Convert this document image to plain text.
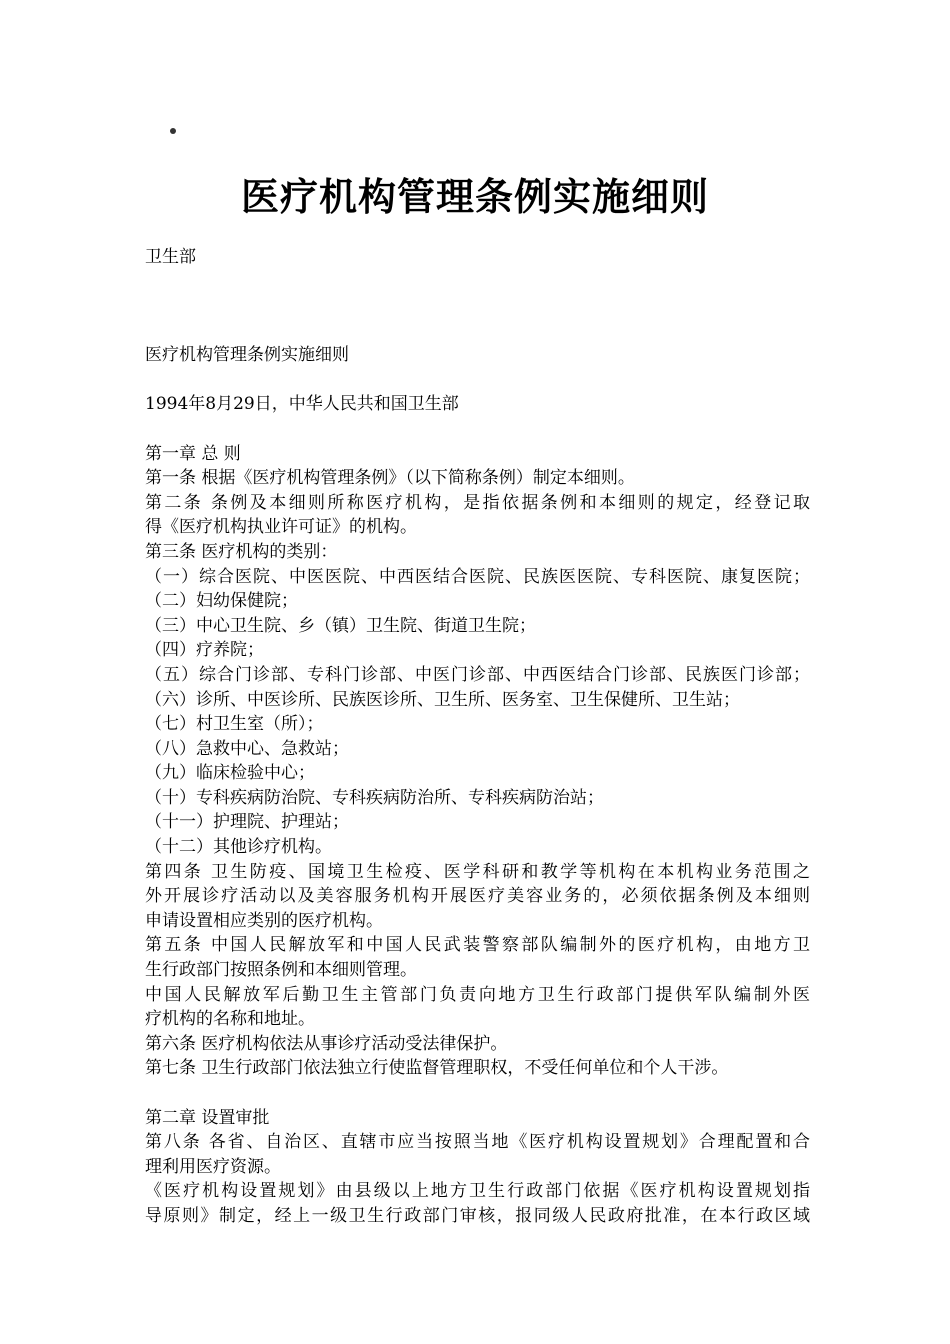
医疗机构管理条例实施细则
卫生部
医疗机构管理条例实施细则
1994年8月29日，中华人民共和国卫生部
第一章 总 则
第一条 根据《医疗机构管理条例》（以下简称条例）制定本细则。
第二条 条例及本细则所称医疗机构，是指依据条例和本细则的规定，经登记取
得《医疗机构执业许可证》的机构。
第三条 医疗机构的类别：
（一）综合医院、中医医院、中西医结合医院、民族医医院、专科医院、康复医院；
（二）妇幼保健院；
（三）中心卫生院、乡（镇）卫生院、街道卫生院；
（四）疗养院；
（五）综合门诊部、专科门诊部、中医门诊部、中西医结合门诊部、民族医门诊部；
（六）诊所、中医诊所、民族医诊所、卫生所、医务室、卫生保健所、卫生站；
（七）村卫生室（所）；
（八）急救中心、急救站；
（九）临床检验中心；
（十）专科疾病防治院、专科疾病防治所、专科疾病防治站；
（十一）护理院、护理站；
（十二）其他诊疗机构。
第四条 卫生防疫、国境卫生检疫、医学科研和教学等机构在本机构业务范围之
外开展诊疗活动以及美容服务机构开展医疗美容业务的，必须依据条例及本细则
申请设置相应类别的医疗机构。
第五条 中国人民解放军和中国人民武装警察部队编制外的医疗机构，由地方卫
生行政部门按照条例和本细则管理。
中国人民解放军后勤卫生主管部门负责向地方卫生行政部门提供军队编制外医
疗机构的名称和地址。
第六条 医疗机构依法从事诊疗活动受法律保护。
第七条 卫生行政部门依法独立行使监督管理职权，不受任何单位和个人干涉。
第二章 设置审批
第八条 各省、自治区、直辖市应当按照当地《医疗机构设置规划》合理配置和合
理利用医疗资源。
《医疗机构设置规划》由县级以上地方卫生行政部门依据《医疗机构设置规划指
导原则》制定，经上一级卫生行政部门审核，报同级人民政府批准，在本行政区域
